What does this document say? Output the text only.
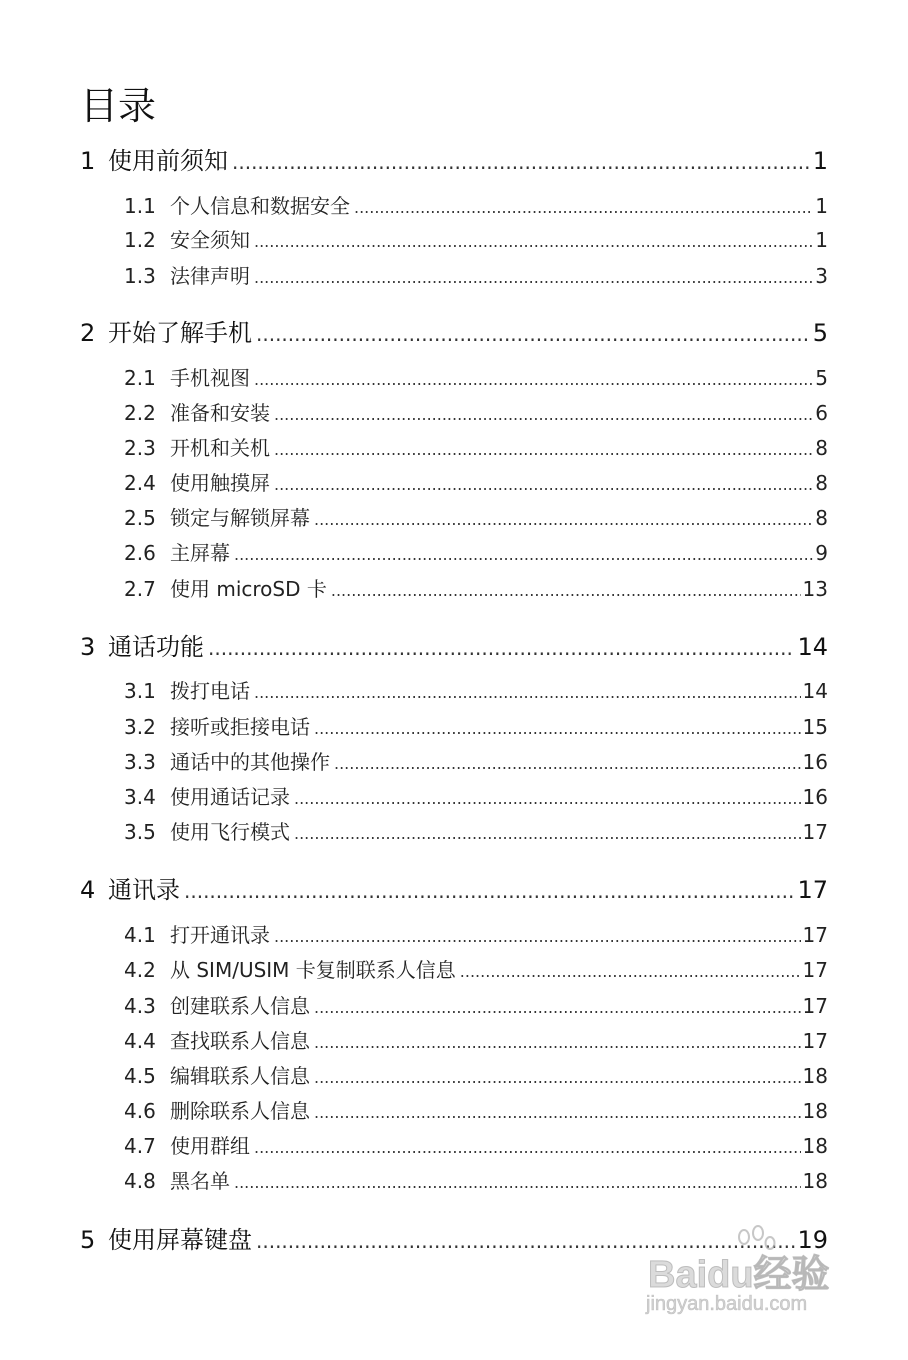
目录
1 使用前须知 .....	1
1.1 个人信息和数据安全 .....	1
1.2 安全须知 .....	1
1.3 法律声明 .....	3
2 开始了解手机 .....	5
2.1 手机视图 .....	5
2.2 准备和安装 .....	6
2.3 开机和关机 .....	8
2.4 使用触摸屏 .....	8
2.5 锁定与解锁屏幕 .....	8
2.6 主屏幕 .....	9
2.7 使用 microSD 卡 .....	13
3 通话功能 .....	14
3.1 拨打电话 .....	14
3.2 接听或拒接电话 .....	15
3.3 通话中的其他操作 .....	16
3.4 使用通话记录 .....	16
3.5 使用飞行模式 .....	17
4 通讯录 .....	17
4.1 打开通讯录 .....	17
4.2 从 SIM/USIM 卡复制联系人信息 .....	17
4.3 创建联系人信息 .....	17
4.4 查找联系人信息 .....	17
4.5 编辑联系人信息 .....	18
4.6 删除联系人信息 .....	18
4.7 使用群组 .....	18
4.8 黑名单 .....	18
5 使用屏幕键盘 .....	19
Baidu经验
jingyan.baidu.com
